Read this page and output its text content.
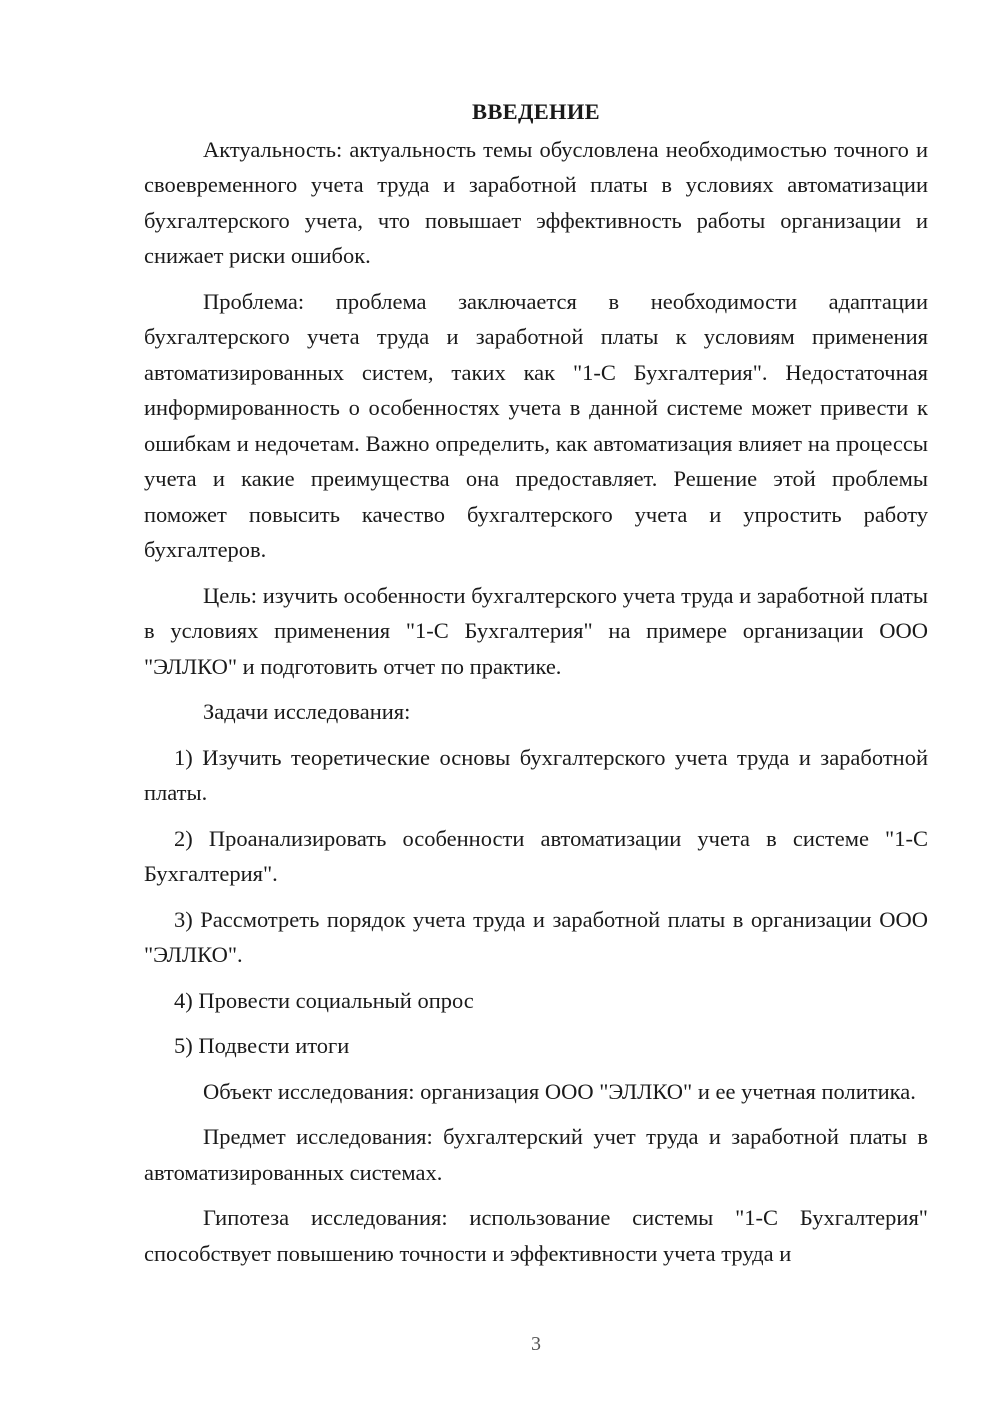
ВВЕДЕНИЕ

Актуальность: актуальность темы обусловлена необходимостью точного и своевременного учета труда и заработной платы в условиях автоматизации бухгалтерского учета, что повышает эффективность работы организации и снижает риски ошибок.

Проблема: проблема заключается в необходимости адаптации бухгалтерского учета труда и заработной платы к условиям применения автоматизированных систем, таких как "1-С Бухгалтерия". Недостаточная информированность о особенностях учета в данной системе может привести к ошибкам и недочетам. Важно определить, как автоматизация влияет на процессы учета и какие преимущества она предоставляет. Решение этой проблемы поможет повысить качество бухгалтерского учета и упростить работу бухгалтеров.

Цель: изучить особенности бухгалтерского учета труда и заработной платы в условиях применения "1-С Бухгалтерия" на примере организации ООО "ЭЛЛКО" и подготовить отчет по практике.

Задачи исследования:

1) Изучить теоретические основы бухгалтерского учета труда и заработной платы.

2) Проанализировать особенности автоматизации учета в системе "1-С Бухгалтерия".

3) Рассмотреть порядок учета труда и заработной платы в организации ООО "ЭЛЛКО".

4) Провести социальный опрос

5) Подвести итоги

Объект исследования: организация ООО "ЭЛЛКО" и ее учетная политика.

Предмет исследования: бухгалтерский учет труда и заработной платы в автоматизированных системах.

Гипотеза исследования: использование системы "1-С Бухгалтерия" способствует повышению точности и эффективности учета труда и

3
